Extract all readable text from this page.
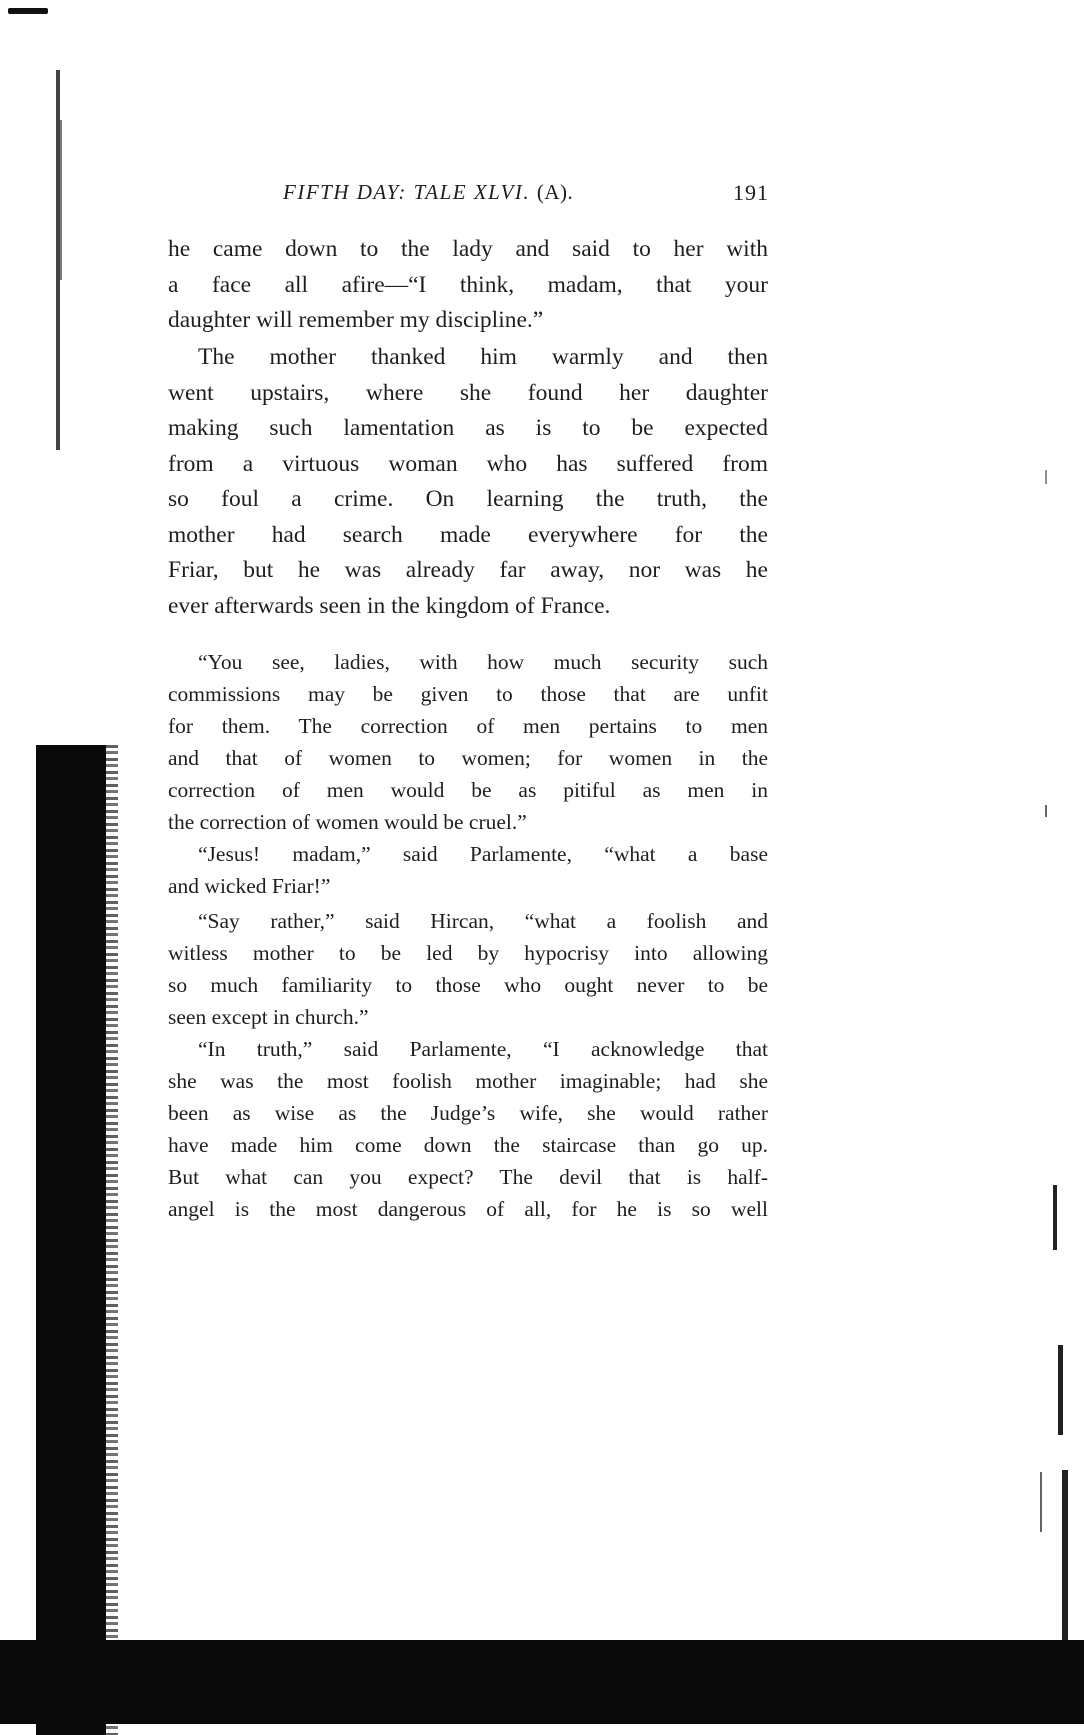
FIFTH DAY: TALE XLVI. (A).	191

he came down to the lady and said to her with
a face all afire—“I think, madam, that your
daughter will remember my discipline.”

The mother thanked him warmly and then
went upstairs, where she found her daughter
making such lamentation as is to be expected
from a virtuous woman who has suffered from
so foul a crime. On learning the truth, the
mother had search made everywhere for the
Friar, but he was already far away, nor was he
ever afterwards seen in the kingdom of France.

“You see, ladies, with how much security such
commissions may be given to those that are unfit
for them. The correction of men pertains to men
and that of women to women; for women in the
correction of men would be as pitiful as men in
the correction of women would be cruel.”

“Jesus! madam,” said Parlamente, “what a base
and wicked Friar!”

“Say rather,” said Hircan, “what a foolish and
witless mother to be led by hypocrisy into allowing
so much familiarity to those who ought never to be
seen except in church.”

“In truth,” said Parlamente, “I acknowledge that
she was the most foolish mother imaginable; had she
been as wise as the Judge’s wife, she would rather
have made him come down the staircase than go up.
But what can you expect? The devil that is half-
angel is the most dangerous of all, for he is so well
